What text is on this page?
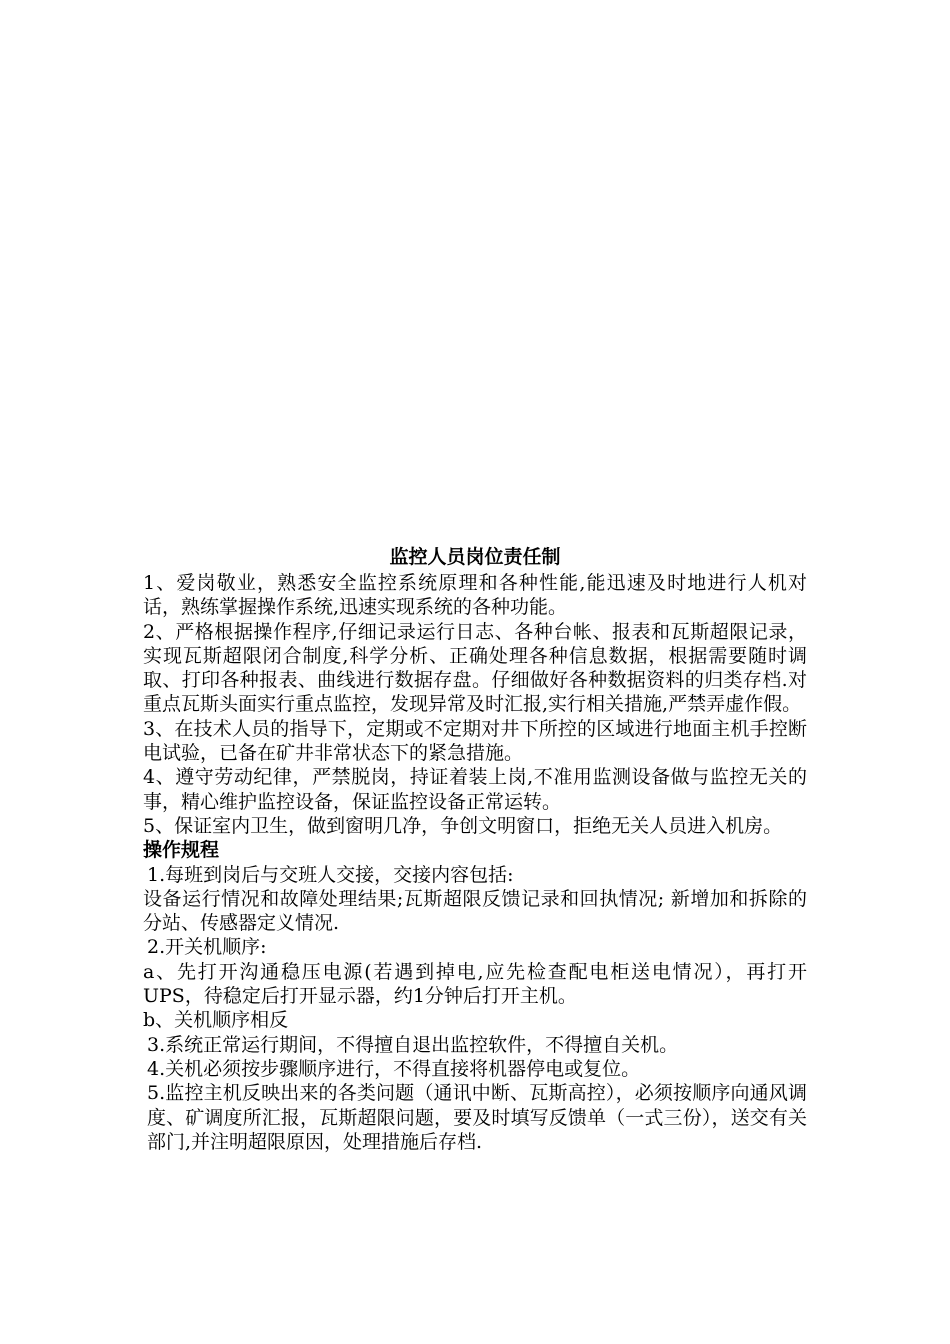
监控人员岗位责任制

1、爱岗敬业，熟悉安全监控系统原理和各种性能,能迅速及时地进行人机对话，熟练掌握操作系统,迅速实现系统的各种功能。

2、严格根据操作程序,仔细记录运行日志、各种台帐、报表和瓦斯超限记录，实现瓦斯超限闭合制度,科学分析、正确处理各种信息数据，根据需要随时调取、打印各种报表、曲线进行数据存盘。仔细做好各种数据资料的归类存档.对重点瓦斯头面实行重点监控，发现异常及时汇报,实行相关措施,严禁弄虚作假。

3、在技术人员的指导下，定期或不定期对井下所控的区域进行地面主机手控断电试验，已备在矿井非常状态下的紧急措施。

4、遵守劳动纪律，严禁脱岗，持证着装上岗,不准用监测设备做与监控无关的事，精心维护监控设备，保证监控设备正常运转。

5、保证室内卫生，做到窗明几净，争创文明窗口，拒绝无关人员进入机房。

操作规程

1.每班到岗后与交班人交接，交接内容包括:

设备运行情况和故障处理结果;瓦斯超限反馈记录和回执情况; 新增加和拆除的分站、传感器定义情况.

2.开关机顺序:

a、先打开沟通稳压电源(若遇到掉电,应先检查配电柜送电情况），再打开UPS，待稳定后打开显示器，约1分钟后打开主机。

b、关机顺序相反

3.系统正常运行期间，不得擅自退出监控软件，不得擅自关机。

4.关机必须按步骤顺序进行，不得直接将机器停电或复位。

5.监控主机反映出来的各类问题（通讯中断、瓦斯高控），必须按顺序向通风调度、矿调度所汇报，瓦斯超限问题，要及时填写反馈单（一式三份），送交有关部门,并注明超限原因，处理措施后存档.
